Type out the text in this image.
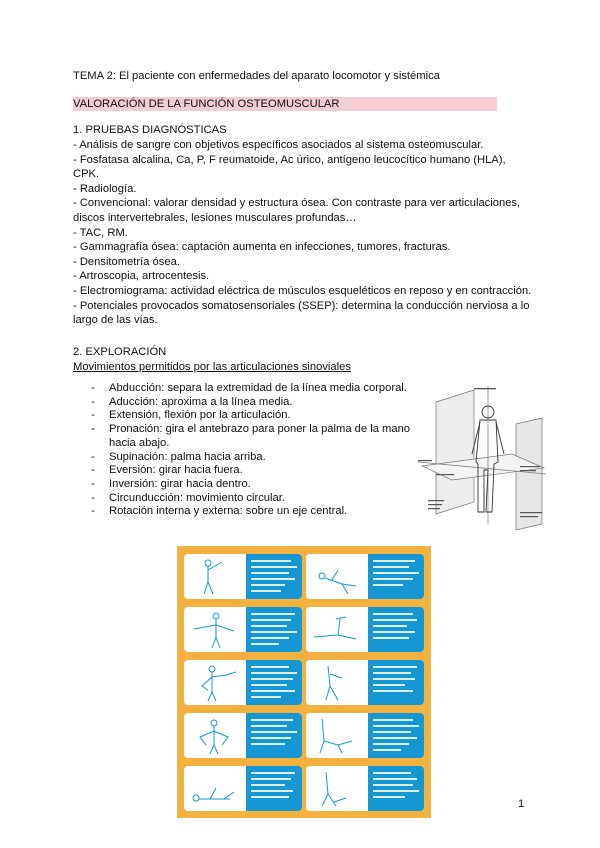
TEMA 2: El paciente con enfermedades del aparato locomotor y sistémica
VALORACIÓN DE LA FUNCIÓN OSTEOMUSCULAR
1. PRUEBAS DIAGNÓSTICAS

- Análisis de sangre con objetivos específicos asociados al sistema osteomuscular.

- Fosfatasa alcalina, Ca, P, F reumatoide, Ac úrico, antígeno leucocítico humano (HLA), CPK.

- Radiología.

- Convencional: valorar densidad y estructura ósea. Con contraste para ver articulaciones, discos intervertebrales, lesiones musculares profundas…

- TAC, RM.

- Gammagrafía ósea: captación aumenta en infecciones, tumores, fracturas.

- Densitometría ósea.

- Artroscopia, artrocentesis.

- Electromiograma: actividad eléctrica de músculos esqueléticos en reposo y en contracción.

- Potenciales provocados somatosensoriales (SSEP): determina la conducción nerviosa a lo largo de las vías.

2. EXPLORACIÓN
Movimientos permitidos por las articulaciones sinoviales
- Abducción: separa la extremidad de la línea media corporal.
- Aducción: aproxima a la línea media.
- Extensión, flexión por la articulación.
- Pronación: gira el antebrazo para poner la palma de la mano hacia abajo.
- Supinación: palma hacia arriba.
- Eversión: girar hacia fuera.
- Inversión: girar hacia dentro.
- Circunducción: movimiento circular.
- Rotación interna y externa: sobre un eje central.
1
